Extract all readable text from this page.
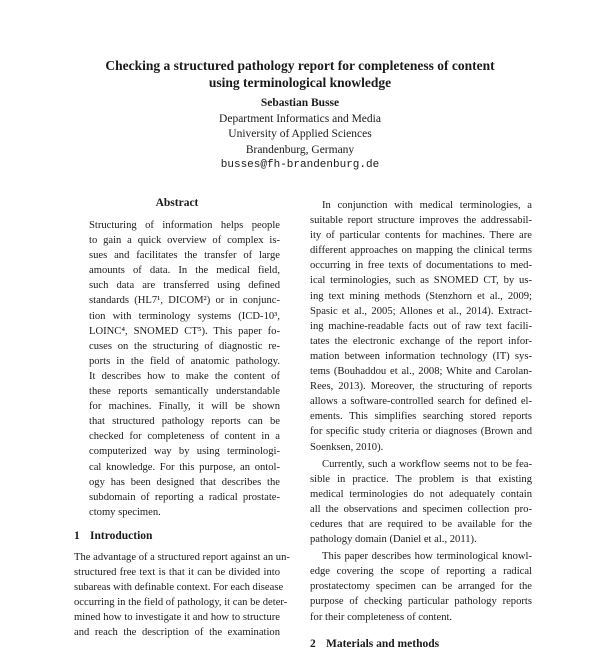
Checking a structured pathology report for completeness of content
using terminological knowledge
Sebastian Busse
Department Informatics and Media
University of Applied Sciences
Brandenburg, Germany
busses@fh-brandenburg.de
Abstract
Structuring of information helps people
to gain a quick overview of complex is-
sues and facilitates the transfer of large
amounts of data. In the medical field,
such data are transferred using defined
standards (HL7¹, DICOM²) or in conjunc-
tion with terminology systems (ICD-10³,
LOINC⁴, SNOMED CT⁵). This paper fo-
cuses on the structuring of diagnostic re-
ports in the field of anatomic pathology.
It describes how to make the content of
these reports semantically understandable
for machines. Finally, it will be shown
that structured pathology reports can be
checked for completeness of content in a
computerized way by using terminologi-
cal knowledge. For this purpose, an ontol-
ogy has been designed that describes the
subdomain of reporting a radical prostate-
ctomy specimen.
1 Introduction
The advantage of a structured report against an un-
structured free text is that it can be divided into
subareas with definable context. For each disease
occurring in the field of pathology, it can be deter-
mined how to investigate it and how to structure
and reach the description of the examination
In conjunction with medical terminologies, a
suitable report structure improves the addressabil-
ity of particular contents for machines. There are
different approaches on mapping the clinical terms
occurring in free texts of documentations to med-
ical terminologies, such as SNOMED CT, by us-
ing text mining methods (Stenzhorn et al., 2009;
Spasic et al., 2005; Allones et al., 2014). Extract-
ing machine-readable facts out of raw text facili-
tates the electronic exchange of the report infor-
mation between information technology (IT) sys-
tems (Bouhaddou et al., 2008; White and Carolan-
Rees, 2013). Moreover, the structuring of reports
allows a software-controlled search for defined el-
ements. This simplifies searching stored reports
for specific study criteria or diagnoses (Brown and
Soenksen, 2010).
Currently, such a workflow seems not to be fea-
sible in practice. The problem is that existing
medical terminologies do not adequately contain
all the observations and specimen collection pro-
cedures that are required to be available for the
pathology domain (Daniel et al., 2011).
This paper describes how terminological knowl-
edge covering the scope of reporting a radical
prostatectomy specimen can be arranged for the
purpose of checking particular pathology reports
for their completeness of content.
2 Materials and methods
